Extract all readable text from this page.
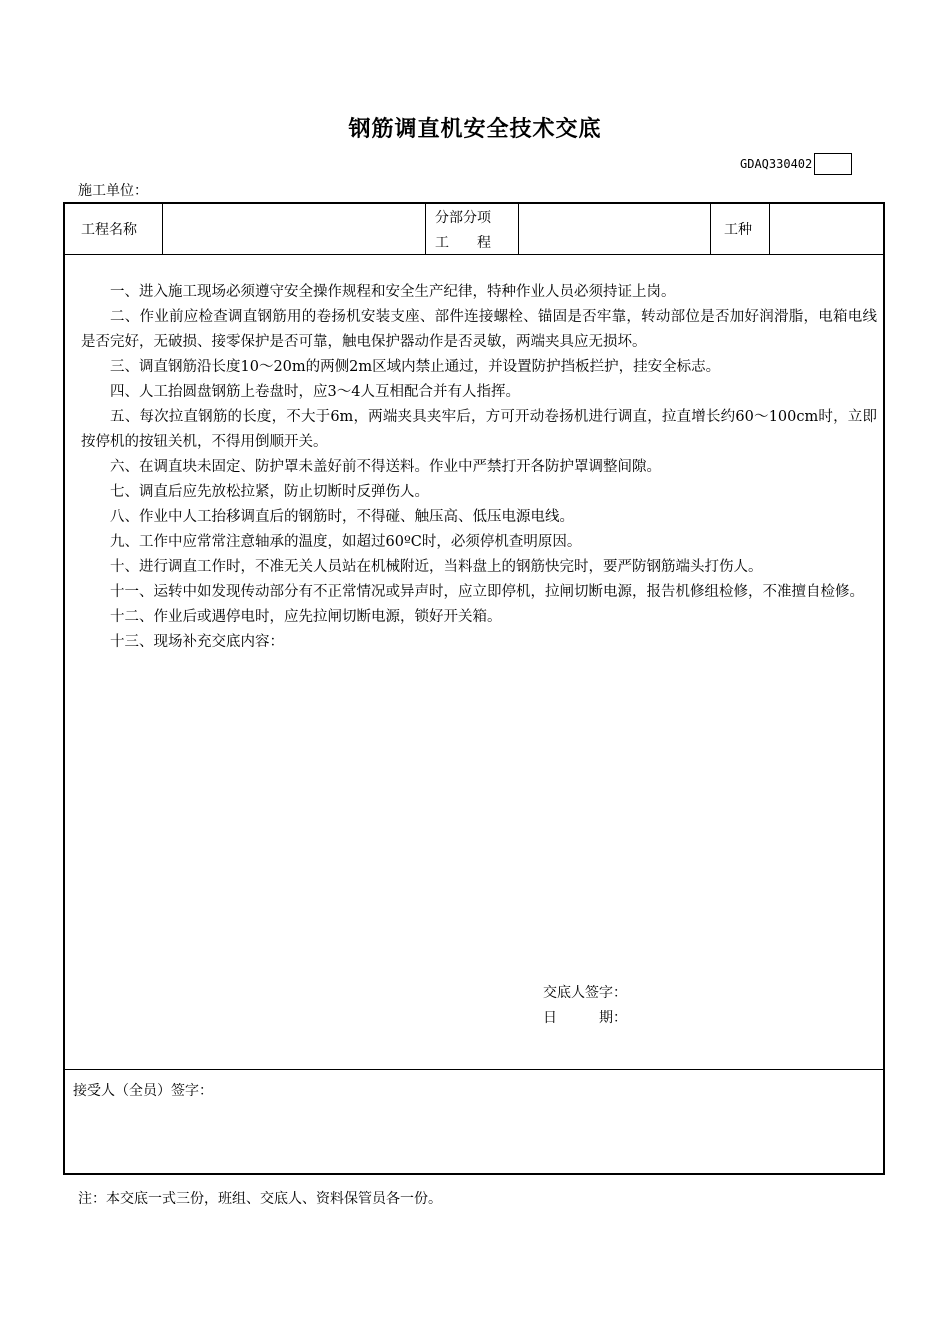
钢筋调直机安全技术交底
GDAQ330402
施工单位：
工程名称
分部分项
工　　程
工种

一、进入施工现场必须遵守安全操作规程和安全生产纪律，特种作业人员必须持证上岗。

二、作业前应检查调直钢筋用的卷扬机安装支座、部件连接螺栓、锚固是否牢靠，转动部位是否加好润滑脂，电箱电线是否完好，无破损、接零保护是否可靠，触电保护器动作是否灵敏，两端夹具应无损坏。

三、调直钢筋沿长度10～20m的两侧2m区域内禁止通过，并设置防护挡板拦护，挂安全标志。

四、人工抬圆盘钢筋上卷盘时，应3～4人互相配合并有人指挥。

五、每次拉直钢筋的长度，不大于6m，两端夹具夹牢后，方可开动卷扬机进行调直，拉直增长约60～100cm时，立即按停机的按钮关机，不得用倒顺开关。

六、在调直块未固定、防护罩未盖好前不得送料。作业中严禁打开各防护罩调整间隙。

七、调直后应先放松拉紧，防止切断时反弹伤人。

八、作业中人工抬移调直后的钢筋时，不得碰、触压高、低压电源电线。

九、工作中应常常注意轴承的温度，如超过60ºC时，必须停机查明原因。

十、进行调直工作时，不准无关人员站在机械附近，当料盘上的钢筋快完时，要严防钢筋端头打伤人。

十一、运转中如发现传动部分有不正常情况或异声时，应立即停机，拉闸切断电源，报告机修组检修，不准擅自检修。

十二、作业后或遇停电时，应先拉闸切断电源，锁好开关箱。

十三、现场补充交底内容：

交底人签字：
日　　　期：
接受人（全员）签字：
注：本交底一式三份，班组、交底人、资料保管员各一份。
